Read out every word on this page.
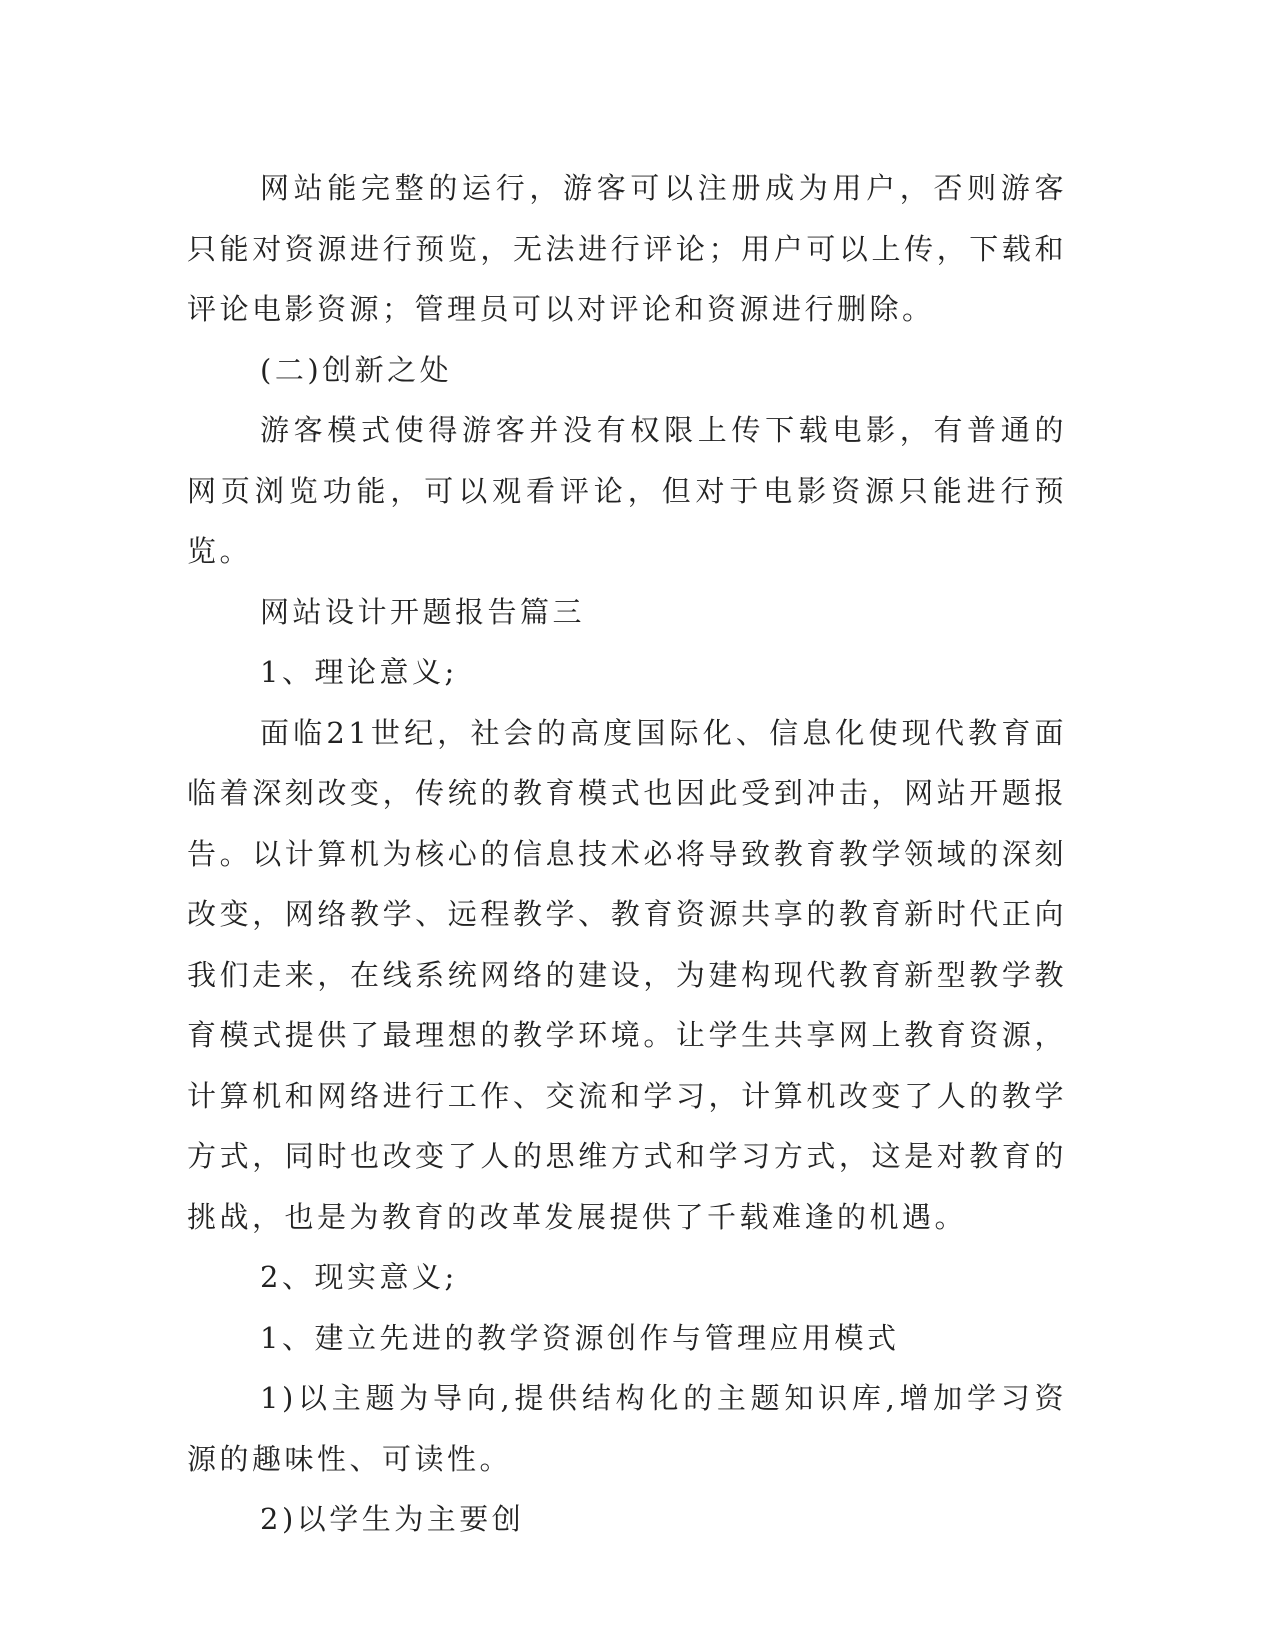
网站能完整的运行，游客可以注册成为用户，否则游客只能对资源进行预览，无法进行评论；用户可以上传，下载和评论电影资源；管理员可以对评论和资源进行删除。

(二)创新之处

游客模式使得游客并没有权限上传下载电影，有普通的网页浏览功能，可以观看评论，但对于电影资源只能进行预览。

网站设计开题报告篇三

1、理论意义;

面临21世纪，社会的高度国际化、信息化使现代教育面临着深刻改变，传统的教育模式也因此受到冲击，网站开题报告。以计算机为核心的信息技术必将导致教育教学领域的深刻改变，网络教学、远程教学、教育资源共享的教育新时代正向我们走来，在线系统网络的建设，为建构现代教育新型教学教育模式提供了最理想的教学环境。让学生共享网上教育资源，计算机和网络进行工作、交流和学习，计算机改变了人的教学方式，同时也改变了人的思维方式和学习方式，这是对教育的挑战，也是为教育的改革发展提供了千载难逢的机遇。

2、现实意义;

1、建立先进的教学资源创作与管理应用模式

1)以主题为导向,提供结构化的主题知识库,增加学习资源的趣味性、可读性。

2)以学生为主要创
